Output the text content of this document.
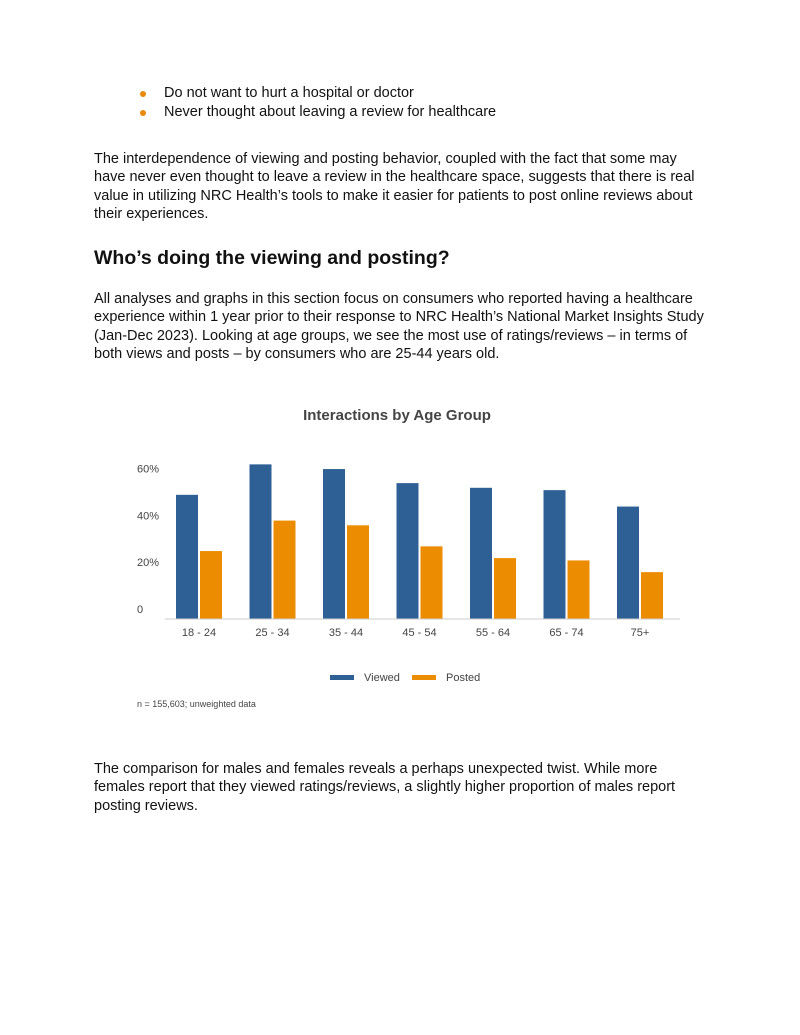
Do not want to hurt a hospital or doctor
Never thought about leaving a review for healthcare

The interdependence of viewing and posting behavior, coupled with the fact that some may have never even thought to leave a review in the healthcare space, suggests that there is real value in utilizing NRC Health’s tools to make it easier for patients to post online reviews about their experiences.

Who’s doing the viewing and posting?

All analyses and graphs in this section focus on consumers who reported having a healthcare experience within 1 year prior to their response to NRC Health’s National Market Insights Study (Jan-Dec 2023). Looking at age groups, we see the most use of ratings/reviews – in terms of both views and posts – by consumers who are 25-44 years old.

Interactions by Age Group
0
20%
40%
60%
18 - 24	25 - 34	35 - 44	45 - 54	55 - 64	65 - 74	75+
Viewed	Posted
n = 155,603; unweighted data

The comparison for males and females reveals a perhaps unexpected twist. While more females report that they viewed ratings/reviews, a slightly higher proportion of males report posting reviews.
